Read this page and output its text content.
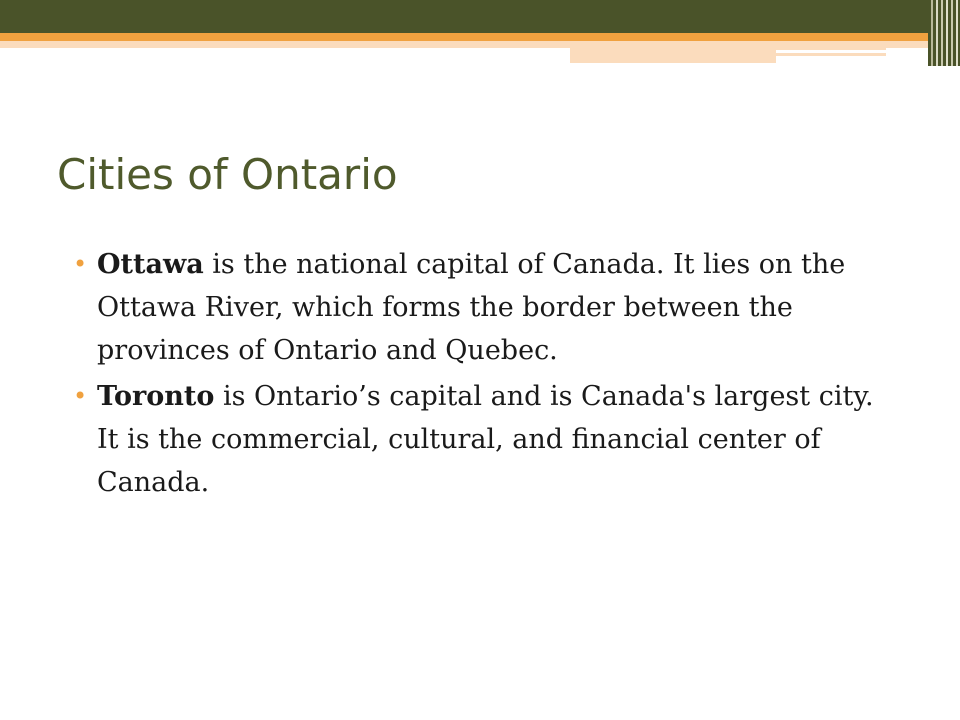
Cities of Ontario
• Ottawa is the national capital of Canada. It lies on the Ottawa River, which forms the border between the provinces of Ontario and Quebec.
• Toronto is Ontario’s capital and is Canada's largest city. It is the commercial, cultural, and financial center of Canada.
